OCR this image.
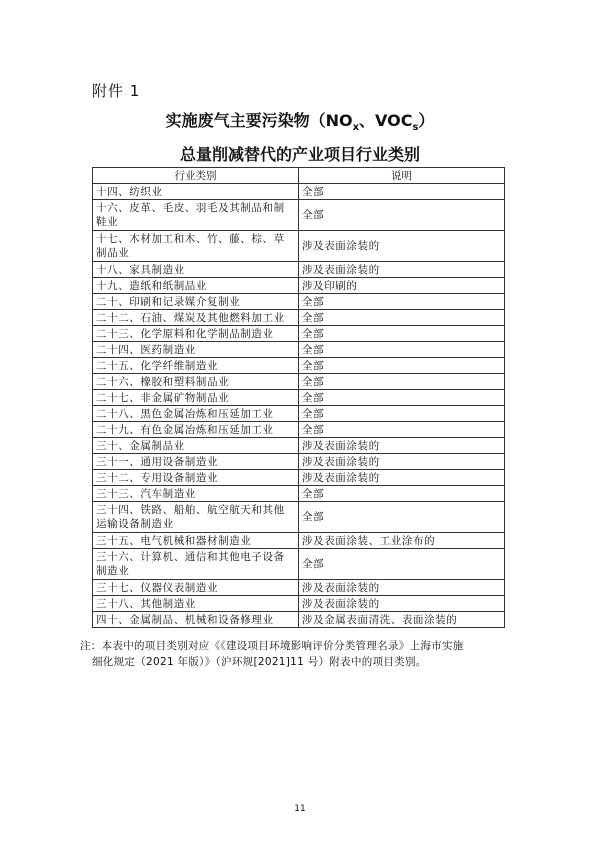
附件 1
实施废气主要污染物（$NO_x$、$VOC_s$）
总量削减替代的产业项目行业类别
行业类别	说明
十四、纺织业	全部
十六、皮革、毛皮、羽毛及其制品和制鞋业	全部
十七、木材加工和木、竹、藤、棕、草制品业	涉及表面涂装的
十八、家具制造业	涉及表面涂装的
十九、造纸和纸制品业	涉及印刷的
二十、印刷和记录媒介复制业	全部
二十二、石油、煤炭及其他燃料加工业	全部
二十三、化学原料和化学制品制造业	全部
二十四、医药制造业	全部
二十五、化学纤维制造业	全部
二十六、橡胶和塑料制品业	全部
二十七、非金属矿物制品业	全部
二十八、黑色金属冶炼和压延加工业	全部
二十九、有色金属冶炼和压延加工业	全部
三十、金属制品业	涉及表面涂装的
三十一、通用设备制造业	涉及表面涂装的
三十二、专用设备制造业	涉及表面涂装的
三十三、汽车制造业	全部
三十四、铁路、船舶、航空航天和其他运输设备制造业	全部
三十五、电气机械和器材制造业	涉及表面涂装、工业涂布的
三十六、计算机、通信和其他电子设备制造业	全部
三十七、仪器仪表制造业	涉及表面涂装的
三十八、其他制造业	涉及表面涂装的
四十、金属制品、机械和设备修理业	涉及金属表面清洗、表面涂装的
注：本表中的项目类别对应《《建设项目环境影响评价分类管理名录》上海市实施
细化规定（2021 年版）》（沪环规[2021]11 号）附表中的项目类别。
11
